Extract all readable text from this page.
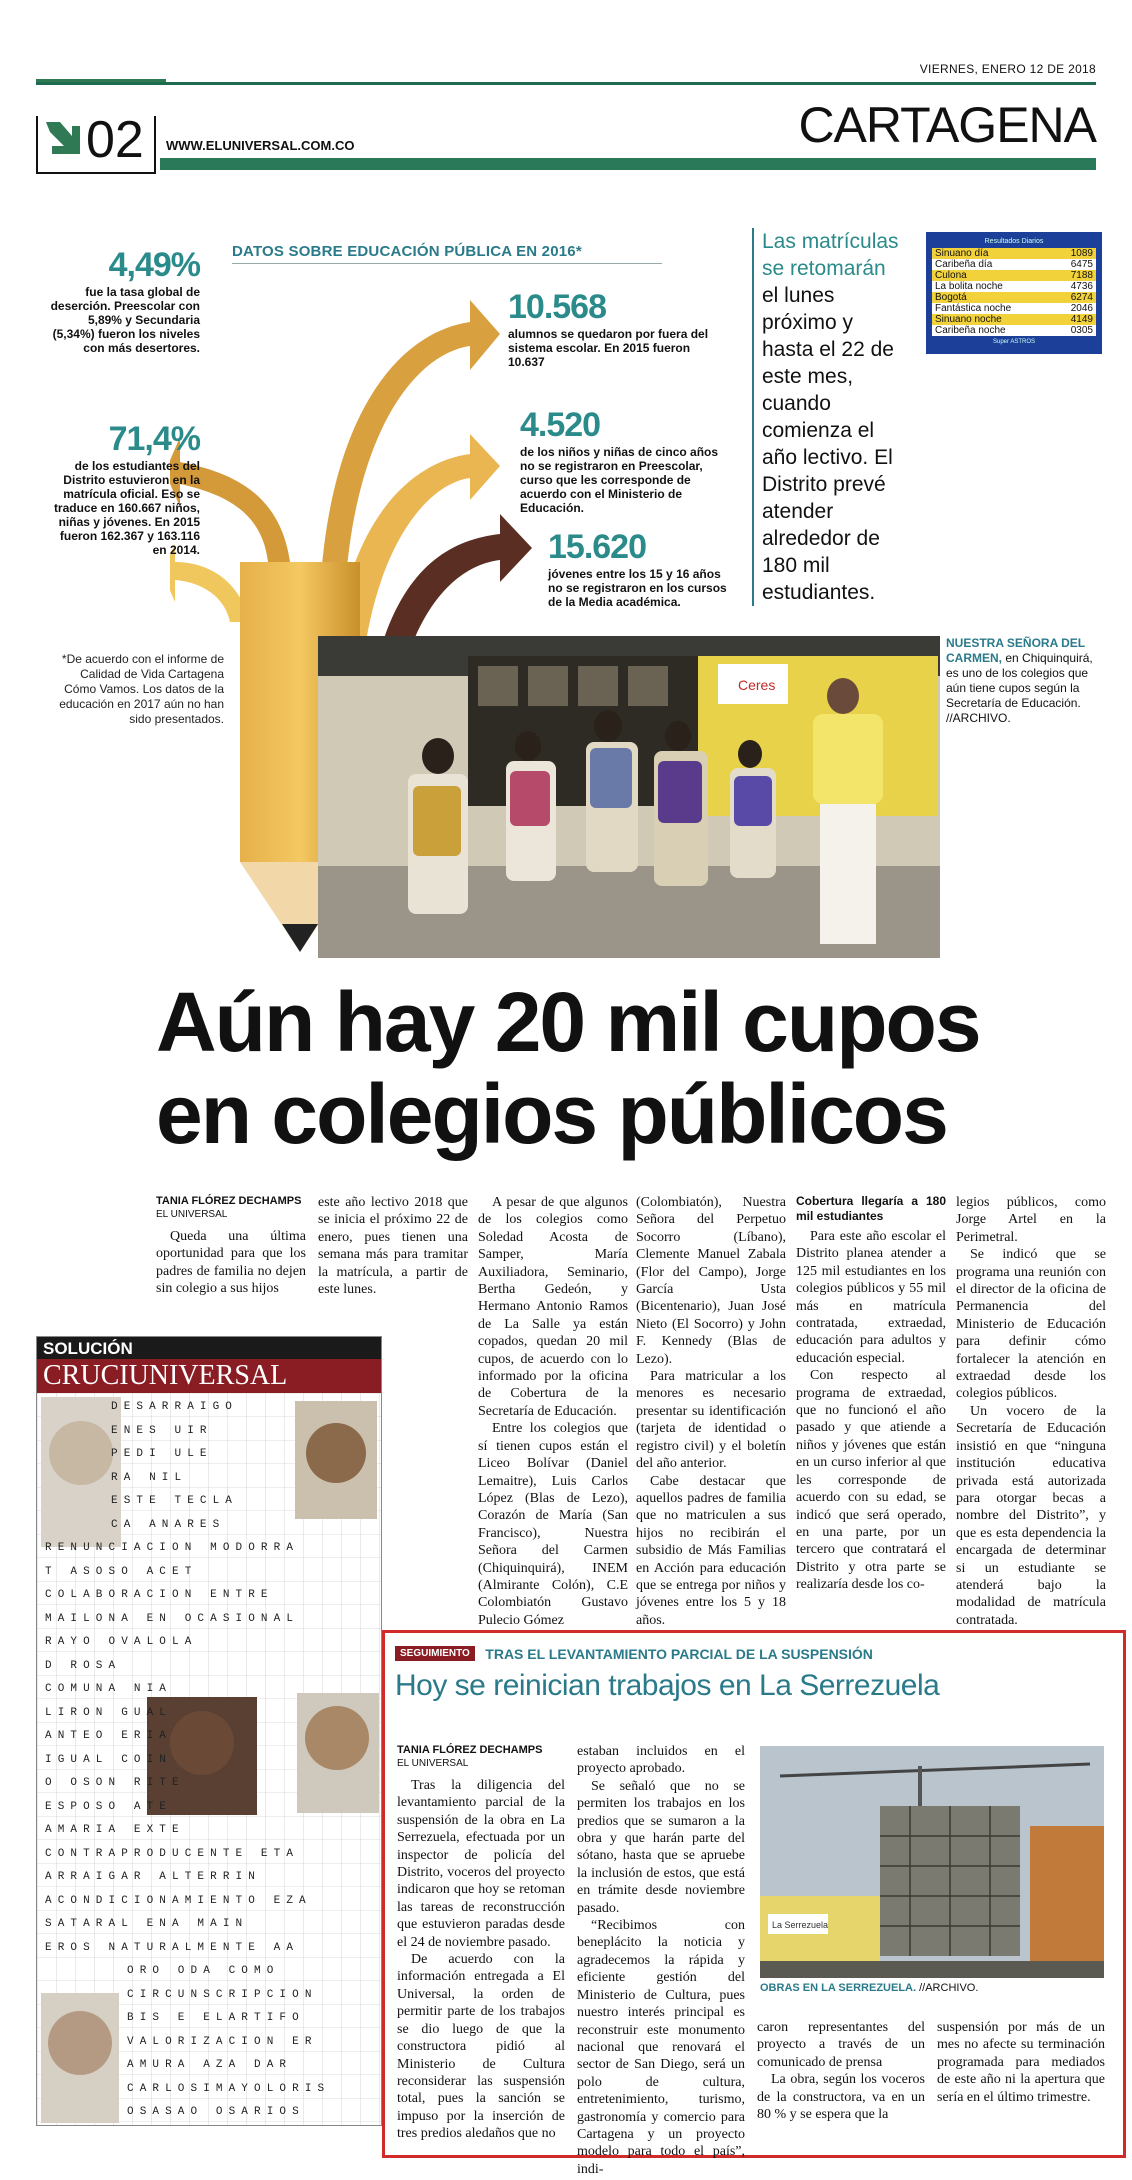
VIERNES, ENERO 12 DE 2018
CARTAGENA
02 WWW.ELUNIVERSAL.COM.CO
DATOS SOBRE EDUCACIÓN PÚBLICA EN 2016*
4,49%
fue la tasa global de deserción. Preescolar con 5,89% y Secundaria (5,34%) fueron los niveles con más desertores.
71,4%
de los estudiantes del Distrito estuvieron en la matrícula oficial. Eso se traduce en 160.667 niños, niñas y jóvenes. En 2015 fueron 162.367 y 163.116 en 2014.
10.568
alumnos se quedaron por fuera del sistema escolar. En 2015 fueron 10.637
4.520
de los niños y niñas de cinco años no se registraron en Preescolar, curso que les corresponde de acuerdo con el Ministerio de Educación.
15.620
jóvenes entre los 15 y 16 años no se registraron en los cursos de la Media académica.
*De acuerdo con el informe de Calidad de Vida Cartagena Cómo Vamos. Los datos de la educación en 2017 aún no han sido presentados.
Las matrículas se retomarán el lunes próximo y hasta el 22 de este mes, cuando comienza el año lectivo. El Distrito prevé atender alrededor de 180 mil estudiantes.
Resultados Diarios
Sinuano día	1089
Caribeña día	6475
Culona	7188
La bolita noche	4736
Bogotá	6274
Fantástica noche	2046
Sinuano noche	4149
Caribeña noche	0305
Super ASTROS
Ceres
NUESTRA SEÑORA DEL CARMEN, en Chiquinquirá, es uno de los colegios que aún tiene cupos según la Secretaría de Educación. //ARCHIVO.
Aún hay 20 mil cupos
en colegios públicos
TANIA FLÓREZ DECHAMPS
EL UNIVERSAL

Queda una última oportunidad para que los padres de familia no dejen sin colegio a sus hijos

este año lectivo 2018 que se inicia el próximo 22 de enero, pues tienen una semana más para tramitar la matrícula, a partir de este lunes.

A pesar de que algunos de los colegios como Soledad Acosta de Samper, María Auxiliadora, Seminario, Bertha Gedeón, y Hermano Antonio Ramos de La Salle ya están copados, quedan 20 mil cupos, de acuerdo con lo informado por la oficina de Cobertura de la Secretaría de Educación.

Entre los colegios que sí tienen cupos están el Liceo Bolívar (Daniel Lemaitre), Luis Carlos López (Blas de Lezo), Corazón de María (San Francisco), Nuestra Señora del Carmen (Chiquinquirá), INEM (Almirante Colón), C.E Colombiatón Gustavo Pulecio Gómez

(Colombiatón), Nuestra Señora del Perpetuo Socorro (Líbano), Clemente Manuel Zabala (Flor del Campo), Jorge García Usta (Bicentenario), Juan José Nieto (El Socorro) y John F. Kennedy (Blas de Lezo).

Para matricular a los menores es necesario presentar su identificación (tarjeta de identidad o registro civil) y el boletín del año anterior.

Cabe destacar que aquellos padres de familia que no matriculen a sus hijos no recibirán el subsidio de Más Familias en Acción para educación que se entrega por niños y jóvenes entre los 5 y 18 años.

Cobertura llegaría a 180 mil estudiantes

Para este año escolar el Distrito planea atender a 125 mil estudiantes en los colegios públicos y 55 mil más en matrícula contratada, extraedad, educación para adultos y educación especial.

Con respecto al programa de extraedad, que no funcionó el año pasado y que atiende a niños y jóvenes que están en un curso inferior al que les corresponde de acuerdo con su edad, se indicó que será operado, en una parte, por un tercero que contratará el Distrito y otra parte se realizaría desde los co-

legios públicos, como Jorge Artel en la Perimetral.

Se indicó que se programa una reunión con el director de la oficina de Permanencia del Ministerio de Educación para definir cómo fortalecer la atención en extraedad desde los colegios públicos.

Un vocero de la Secretaría de Educación insistió en que “ninguna institución educativa privada está autorizada para otorgar becas a nombre del Distrito”, y que es esta dependencia la encargada de determinar si un estudiante se atenderá bajo la modalidad de matrícula contratada.

SOLUCIÓN
CRUCIUNIVERSAL
DESARRAIGO
ENES UIR
PEDI ULE
RA NIL
ESTE TECLA
CA ANARES
RENUNCIACION MODORRA
T ASOSO ACET
COLABORACION ENTRE
MAILONA EN OCASIONAL
RAYO OVALOLA
D ROSA
COMUNA NIA
LIRON GUAL
ANTEO ERIA
IGUAL COIN
O OSON RITE
ESPOSO ATE
AMARIA EXTE
CONTRAPRODUCENTE ETA
ARRAIGAR ALTERRIN
ACONDICIONAMIENTO EZA
SATARAL ENA MAIN
EROS NATURALMENTE AA
ORO ODA COMO
CIRCUNSCRIPCION
BIS E ELARTIFO
VALORIZACION ER
AMURA AZA DAR
CARLOSIMAYOLORIS
OSASAO OSARIOS
SEGUIMIENTO TRAS EL LEVANTAMIENTO PARCIAL DE LA SUSPENSIÓN
Hoy se reinician trabajos en La Serrezuela
TANIA FLÓREZ DECHAMPS
EL UNIVERSAL

Tras la diligencia del levantamiento parcial de la suspensión de la obra en La Serrezuela, efectuada por un inspector de policía del Distrito, voceros del proyecto indicaron que hoy se retoman las tareas de reconstrucción que estuvieron paradas desde el 24 de noviembre pasado.

De acuerdo con la información entregada a El Universal, la orden de permitir parte de los trabajos se dio luego de que la constructora pidió al Ministerio de Cultura reconsiderar las suspensión total, pues la sanción se impuso por la inserción de tres predios aledaños que no

estaban incluidos en el proyecto aprobado.

Se señaló que no se permiten los trabajos en los predios que se sumaron a la obra y que harán parte del sótano, hasta que se apruebe la inclusión de estos, que está en trámite desde noviembre pasado.

“Recibimos con beneplácito la noticia y agradecemos la rápida y eficiente gestión del Ministerio de Cultura, pues nuestro interés principal es reconstruir este monumento nacional que renovará el sector de San Diego, será un polo de cultura, entretenimiento, turismo, gastronomía y comercio para Cartagena y un proyecto modelo para todo el país”, indi-

caron representantes del proyecto a través de un comunicado de prensa

La obra, según los voceros de la constructora, va en un 80 % y se espera que la

suspensión por más de un mes no afecte su terminación programada para mediados de este año ni la apertura que sería en el último trimestre.

La Serrezuela
OBRAS EN LA SERREZUELA. //ARCHIVO.
